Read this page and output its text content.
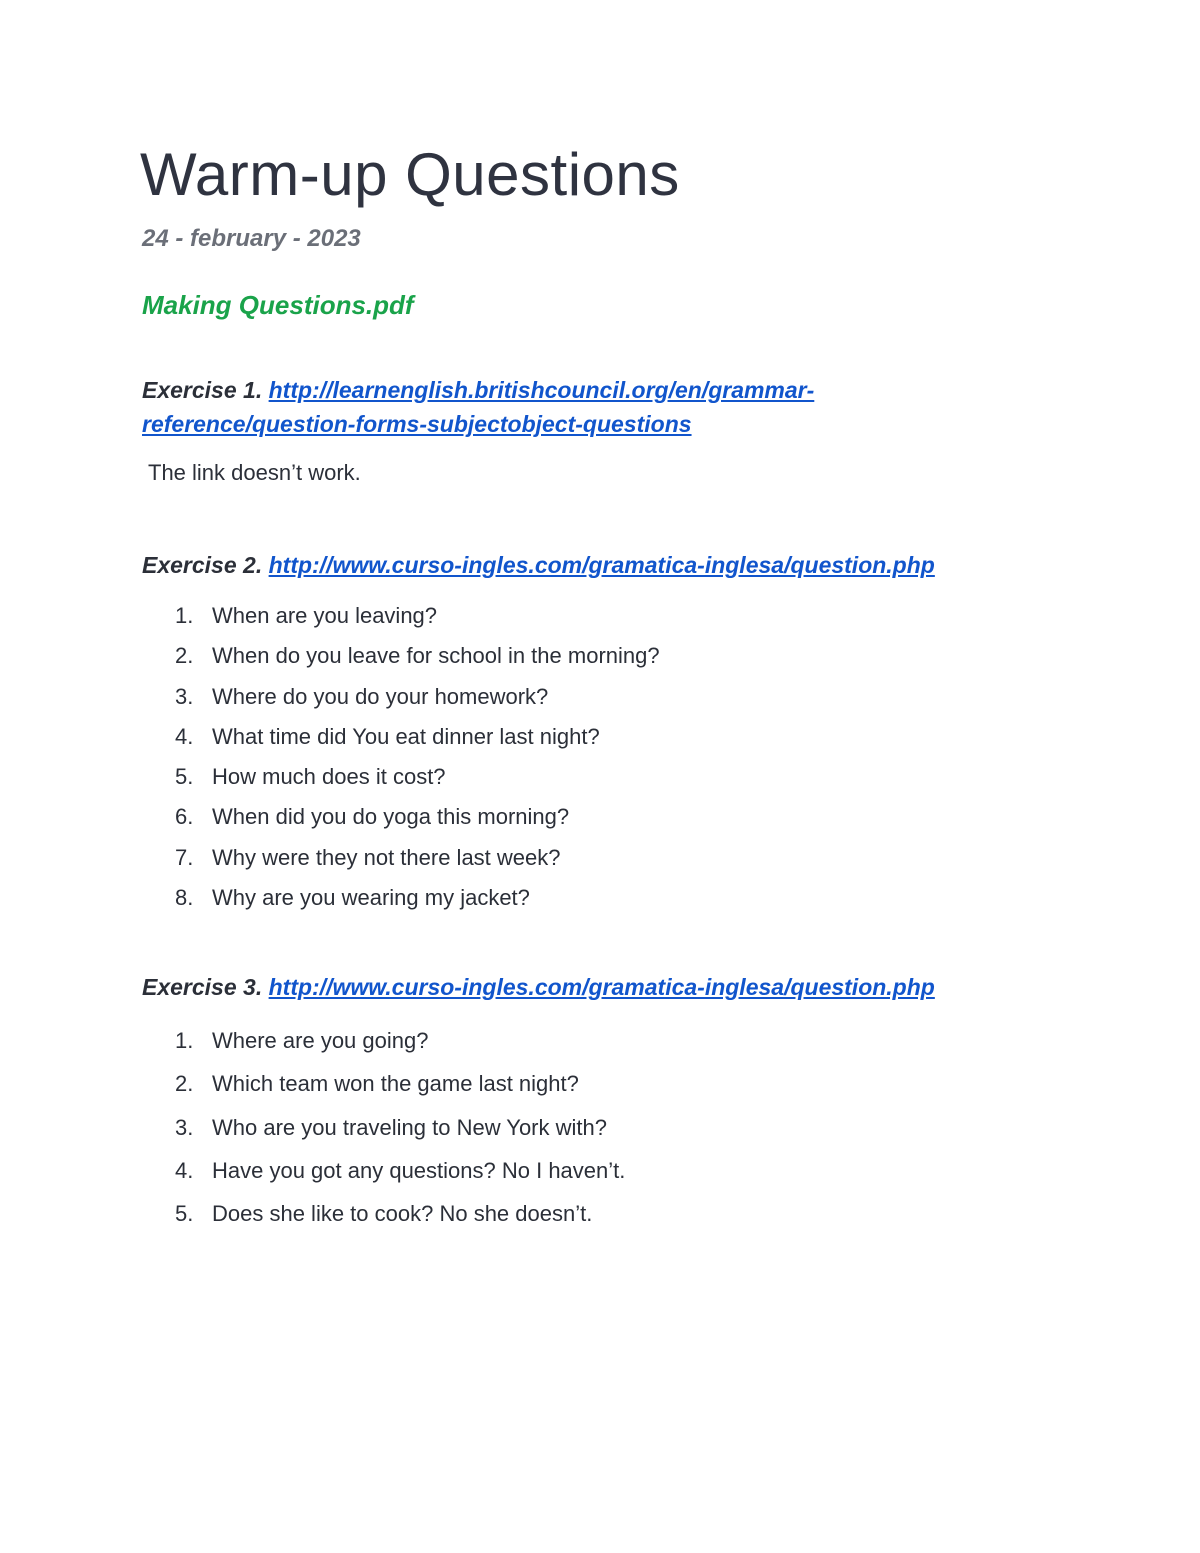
Warm-up Questions
24 - february - 2023
Making Questions.pdf
Exercise 1. http://learnenglish.britishcouncil.org/en/grammar-
reference/question-forms-subjectobject-questions
The link doesn’t work.
Exercise 2. http://www.curso-ingles.com/gramatica-inglesa/question.php
1. When are you leaving?
2. When do you leave for school in the morning?
3. Where do you do your homework?
4. What time did You eat dinner last night?
5. How much does it cost?
6. When did you do yoga this morning?
7. Why were they not there last week?
8. Why are you wearing my jacket?
Exercise 3. http://www.curso-ingles.com/gramatica-inglesa/question.php
1. Where are you going?
2. Which team won the game last night?
3. Who are you traveling to New York with?
4. Have you got any questions? No I haven’t.
5. Does she like to cook? No she doesn’t.
